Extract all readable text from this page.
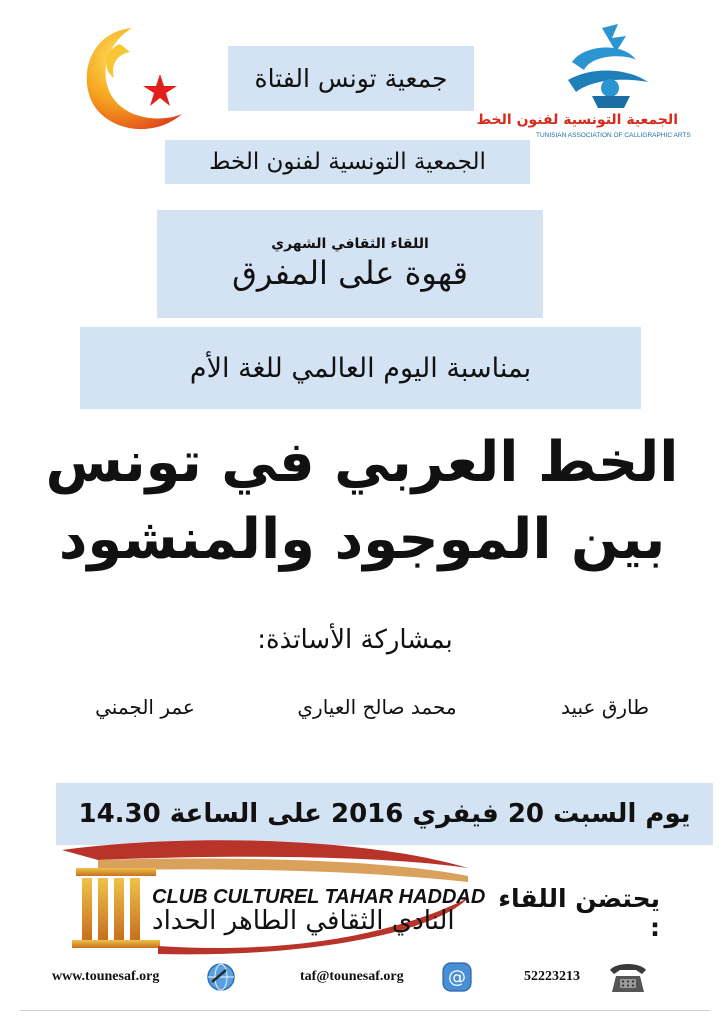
الجمعية التونسية لفنون الخط
TUNISIAN ASSOCIATION OF CALLIGRAPHIC ARTS
جمعية تونس الفتاة
الجمعية التونسية لفنون الخط
اللقاء الثقافي الشهري
قهوة على المفرق
بمناسبة اليوم العالمي للغة الأم
الخط العربي في تونس
بين الموجود والمنشود
بمشاركة الأساتذة:
طارق عبيد
محمد صالح العياري
عمر الجمني
يوم السبت 20 فيفري 2016 على الساعة 14.30
CLUB CULTUREL TAHAR HADDAD
النادي الثقافي الطاهر الحداد
يحتضن اللقاء :
www.tounesaf.org	taf@tounesaf.org @	52223213
